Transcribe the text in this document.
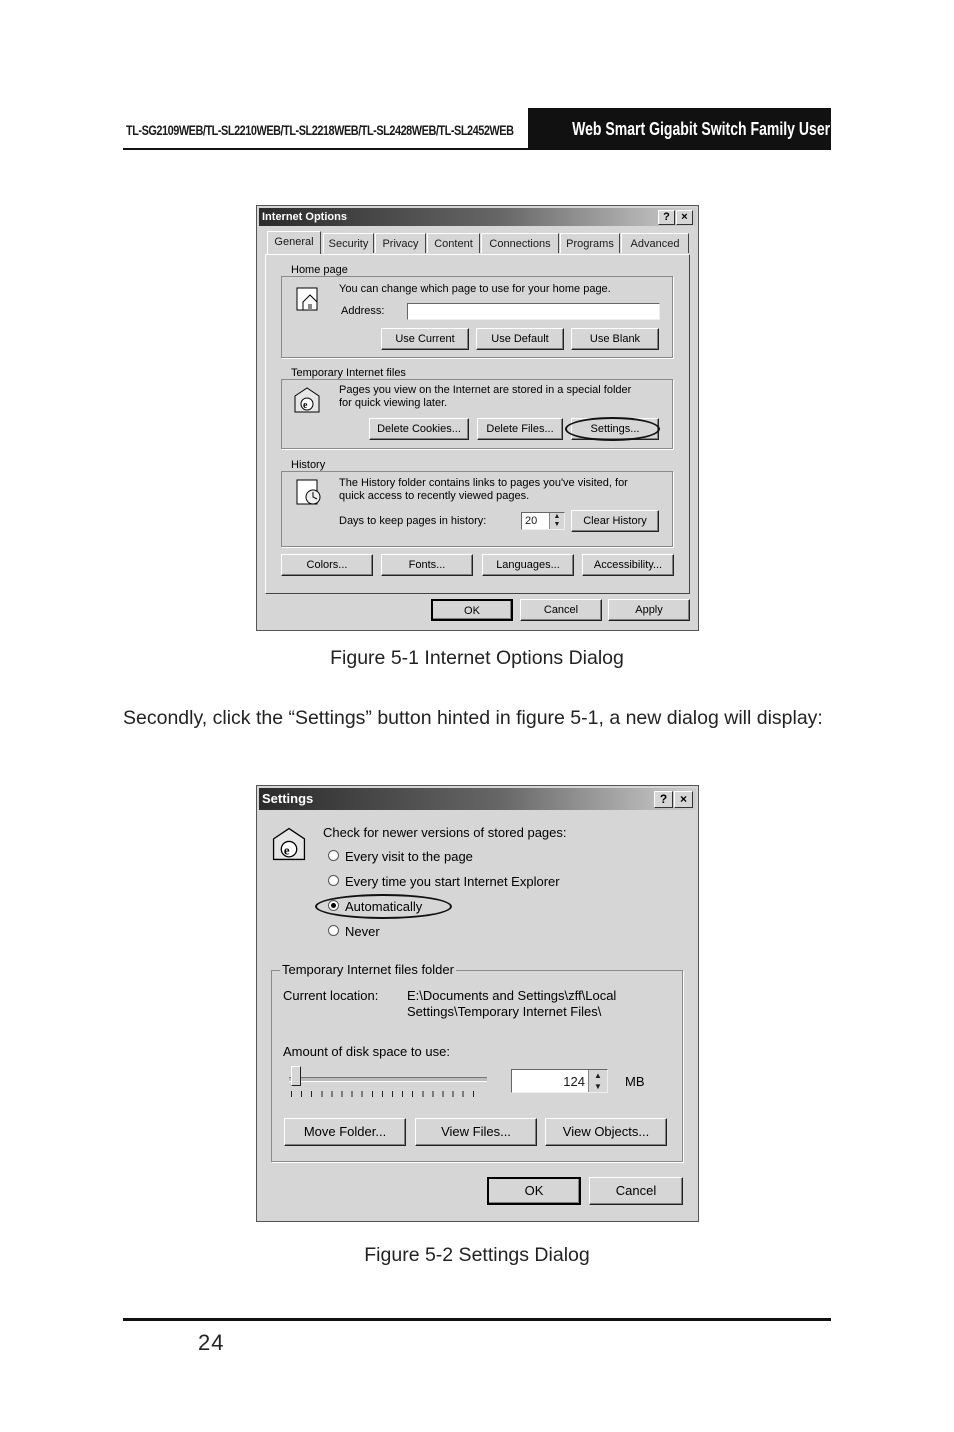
TL-SG2109WEB/TL-SL2210WEB/TL-SL2218WEB/TL-SL2428WEB/TL-SL2452WEB	Web Smart Gigabit Switch Family User's Guide
Internet Options	?	×
General	Security	Privacy	Content	Connections	Programs	Advanced
Home page
You can change which page to use for your home page.
Address:
Use Current	Use Default	Use Blank
Temporary Internet files
e
Pages you view on the Internet are stored in a special folder
for quick viewing later.
Delete Cookies...	Delete Files...	Settings...
History
The History folder contains links to pages you've visited, for
quick access to recently viewed pages.
Days to keep pages in history:	20	▲
▼	Clear History
Colors...	Fonts...	Languages...	Accessibility...
OK	Cancel	Apply
Figure 5-1 Internet Options Dialog
Secondly, click the “Settings” button hinted in figure 5-1, a new dialog will display:
Settings	?	×
e
Check for newer versions of stored pages:
Every visit to the page
Every time you start Internet Explorer
Automatically
Never
Temporary Internet files folder
Current location: E:\Documents and Settings\zff\Local
Settings\Temporary Internet Files\
Amount of disk space to use:
124	▲
▼	MB
Move Folder...	View Files...	View Objects...
OK	Cancel
Figure 5-2 Settings Dialog
24
